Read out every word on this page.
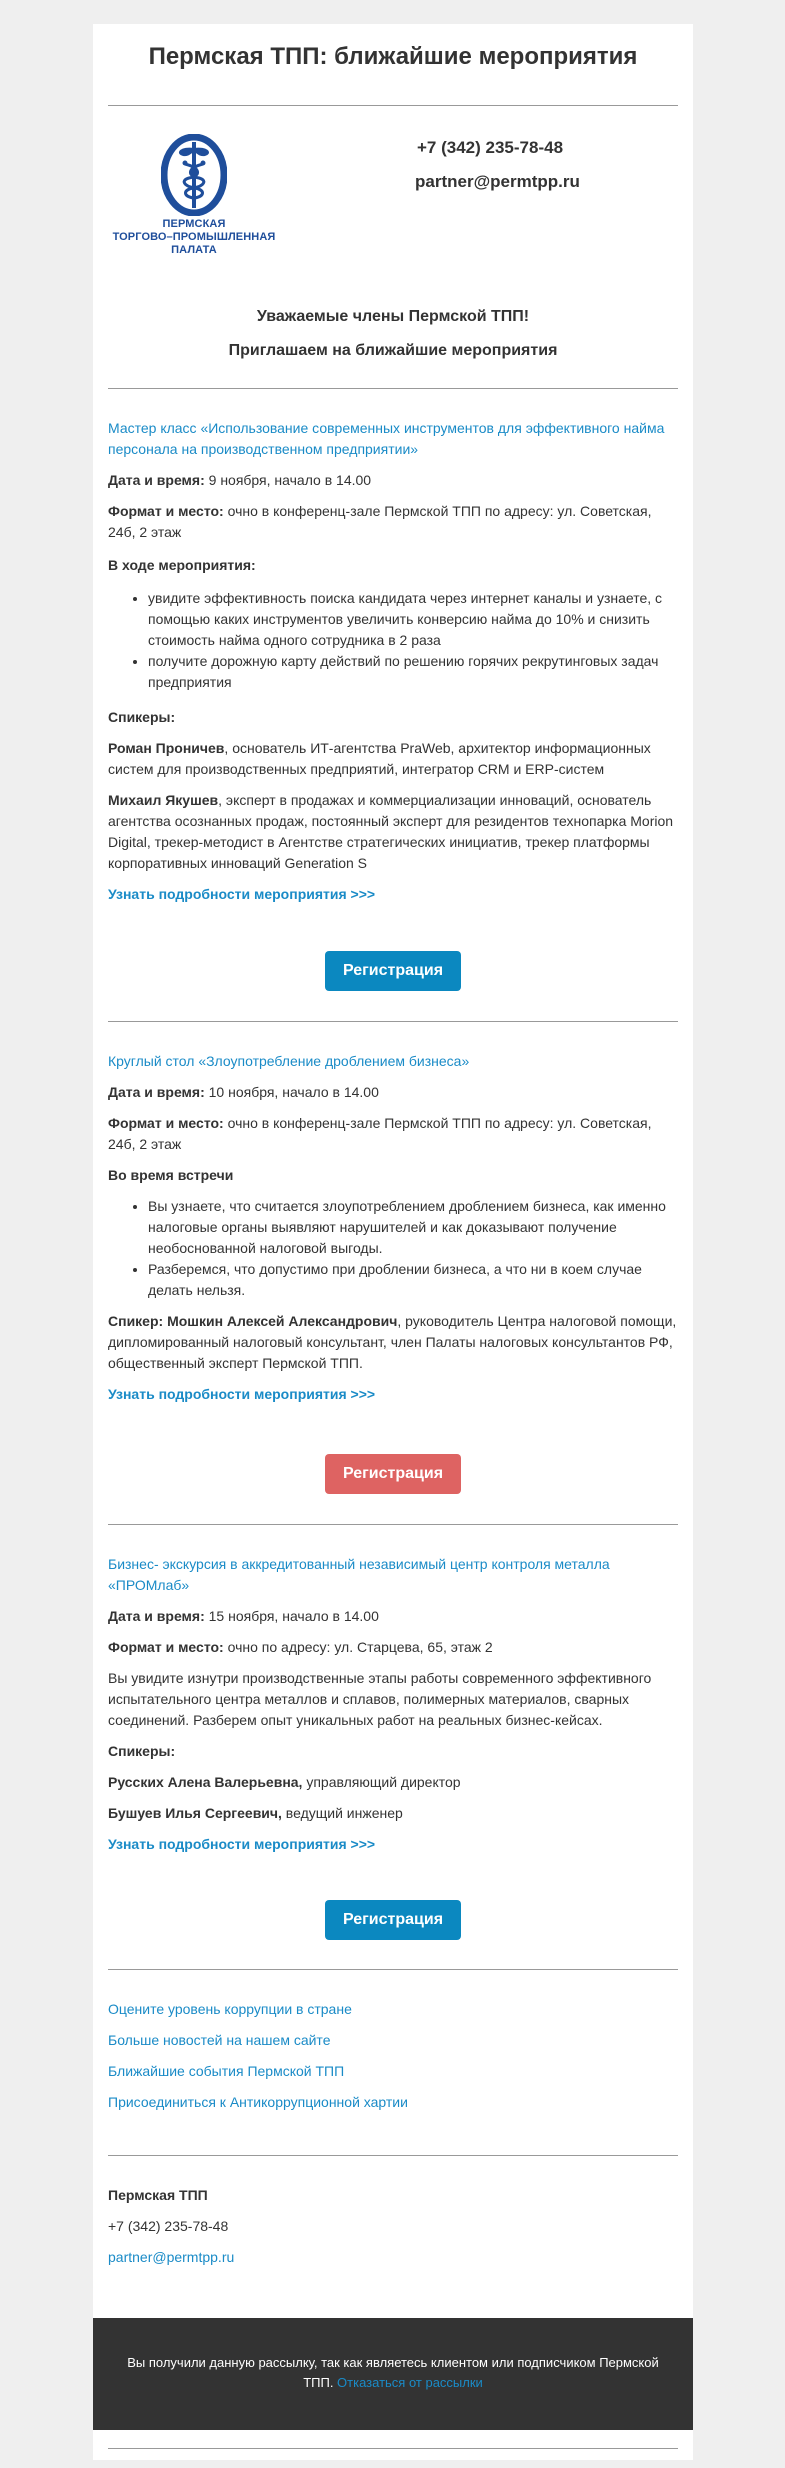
Пермская ТПП: ближайшие мероприятия
ПЕРМСКАЯ
ТОРГОВО–ПРОМЫШЛЕННАЯ
ПАЛАТА
+7 (342) 235-78-48
partner@permtpp.ru

Уважаемые члены Пермской ТПП!

Приглашаем на ближайшие мероприятия

Мастер класс «Использование современных инструментов для эффективного найма персонала на производственном предприятии»

Дата и время: 9 ноября, начало в 14.00

Формат и место: очно в конференц-зале Пермской ТПП по адресу: ул. Советская, 24б, 2 этаж

В ходе мероприятия:

• увидите эффективность поиска кандидата через интернет каналы и узнаете, с помощью каких инструментов увеличить конверсию найма до 10% и снизить стоимость найма одного сотрудника в 2 раза
• получите дорожную карту действий по решению горячих рекрутинговых задач предприятия

Спикеры:

Роман Проничев, основатель ИТ-агентства PraWeb, архитектор информационных систем для производственных предприятий, интегратор CRM и ERP-систем

Михаил Якушев, эксперт в продажах и коммерциализации инноваций, основатель агентства осознанных продаж, постоянный эксперт для резидентов технопарка Morion Digital, трекер-методист в Агентстве стратегических инициатив, трекер платформы корпоративных инноваций Generation S

Узнать подробности мероприятия >>>
Регистрация

Круглый стол «Злоупотребление дроблением бизнеса»

Дата и время: 10 ноября, начало в 14.00

Формат и место: очно в конференц-зале Пермской ТПП по адресу: ул. Советская, 24б, 2 этаж

Во время встречи

• Вы узнаете, что считается злоупотреблением дроблением бизнеса, как именно налоговые органы выявляют нарушителей и как доказывают получение необоснованной налоговой выгоды.
• Разберемся, что допустимо при дроблении бизнеса, а что ни в коем случае делать нельзя.

Спикер: Мошкин Алексей Александрович, руководитель Центра налоговой помощи, дипломированный налоговый консультант, член Палаты налоговых консультантов РФ, общественный эксперт Пермской ТПП.

Узнать подробности мероприятия >>>
Регистрация

Бизнес- экскурсия в аккредитованный независимый центр контроля металла «ПРОМлаб»

Дата и время: 15 ноября, начало в 14.00

Формат и место: очно по адресу: ул. Старцева, 65, этаж 2

Вы увидите изнутри производственные этапы работы современного эффективного испытательного центра металлов и сплавов, полимерных материалов, сварных соединений. Разберем опыт уникальных работ на реальных бизнес-кейсах.

Спикеры:

Русских Алена Валерьевна, управляющий директор

Бушуев Илья Сергеевич, ведущий инженер

Узнать подробности мероприятия >>>
Регистрация
Оцените уровень коррупции в стране
Больше новостей на нашем сайте
Ближайшие события Пермской ТПП
Присоединиться к Антикоррупционной хартии

Пермская ТПП

+7 (342) 235-78-48

partner@permtpp.ru

Вы получили данную рассылку, так как являетесь клиентом или подписчиком Пермской ТПП. Отказаться от рассылки
